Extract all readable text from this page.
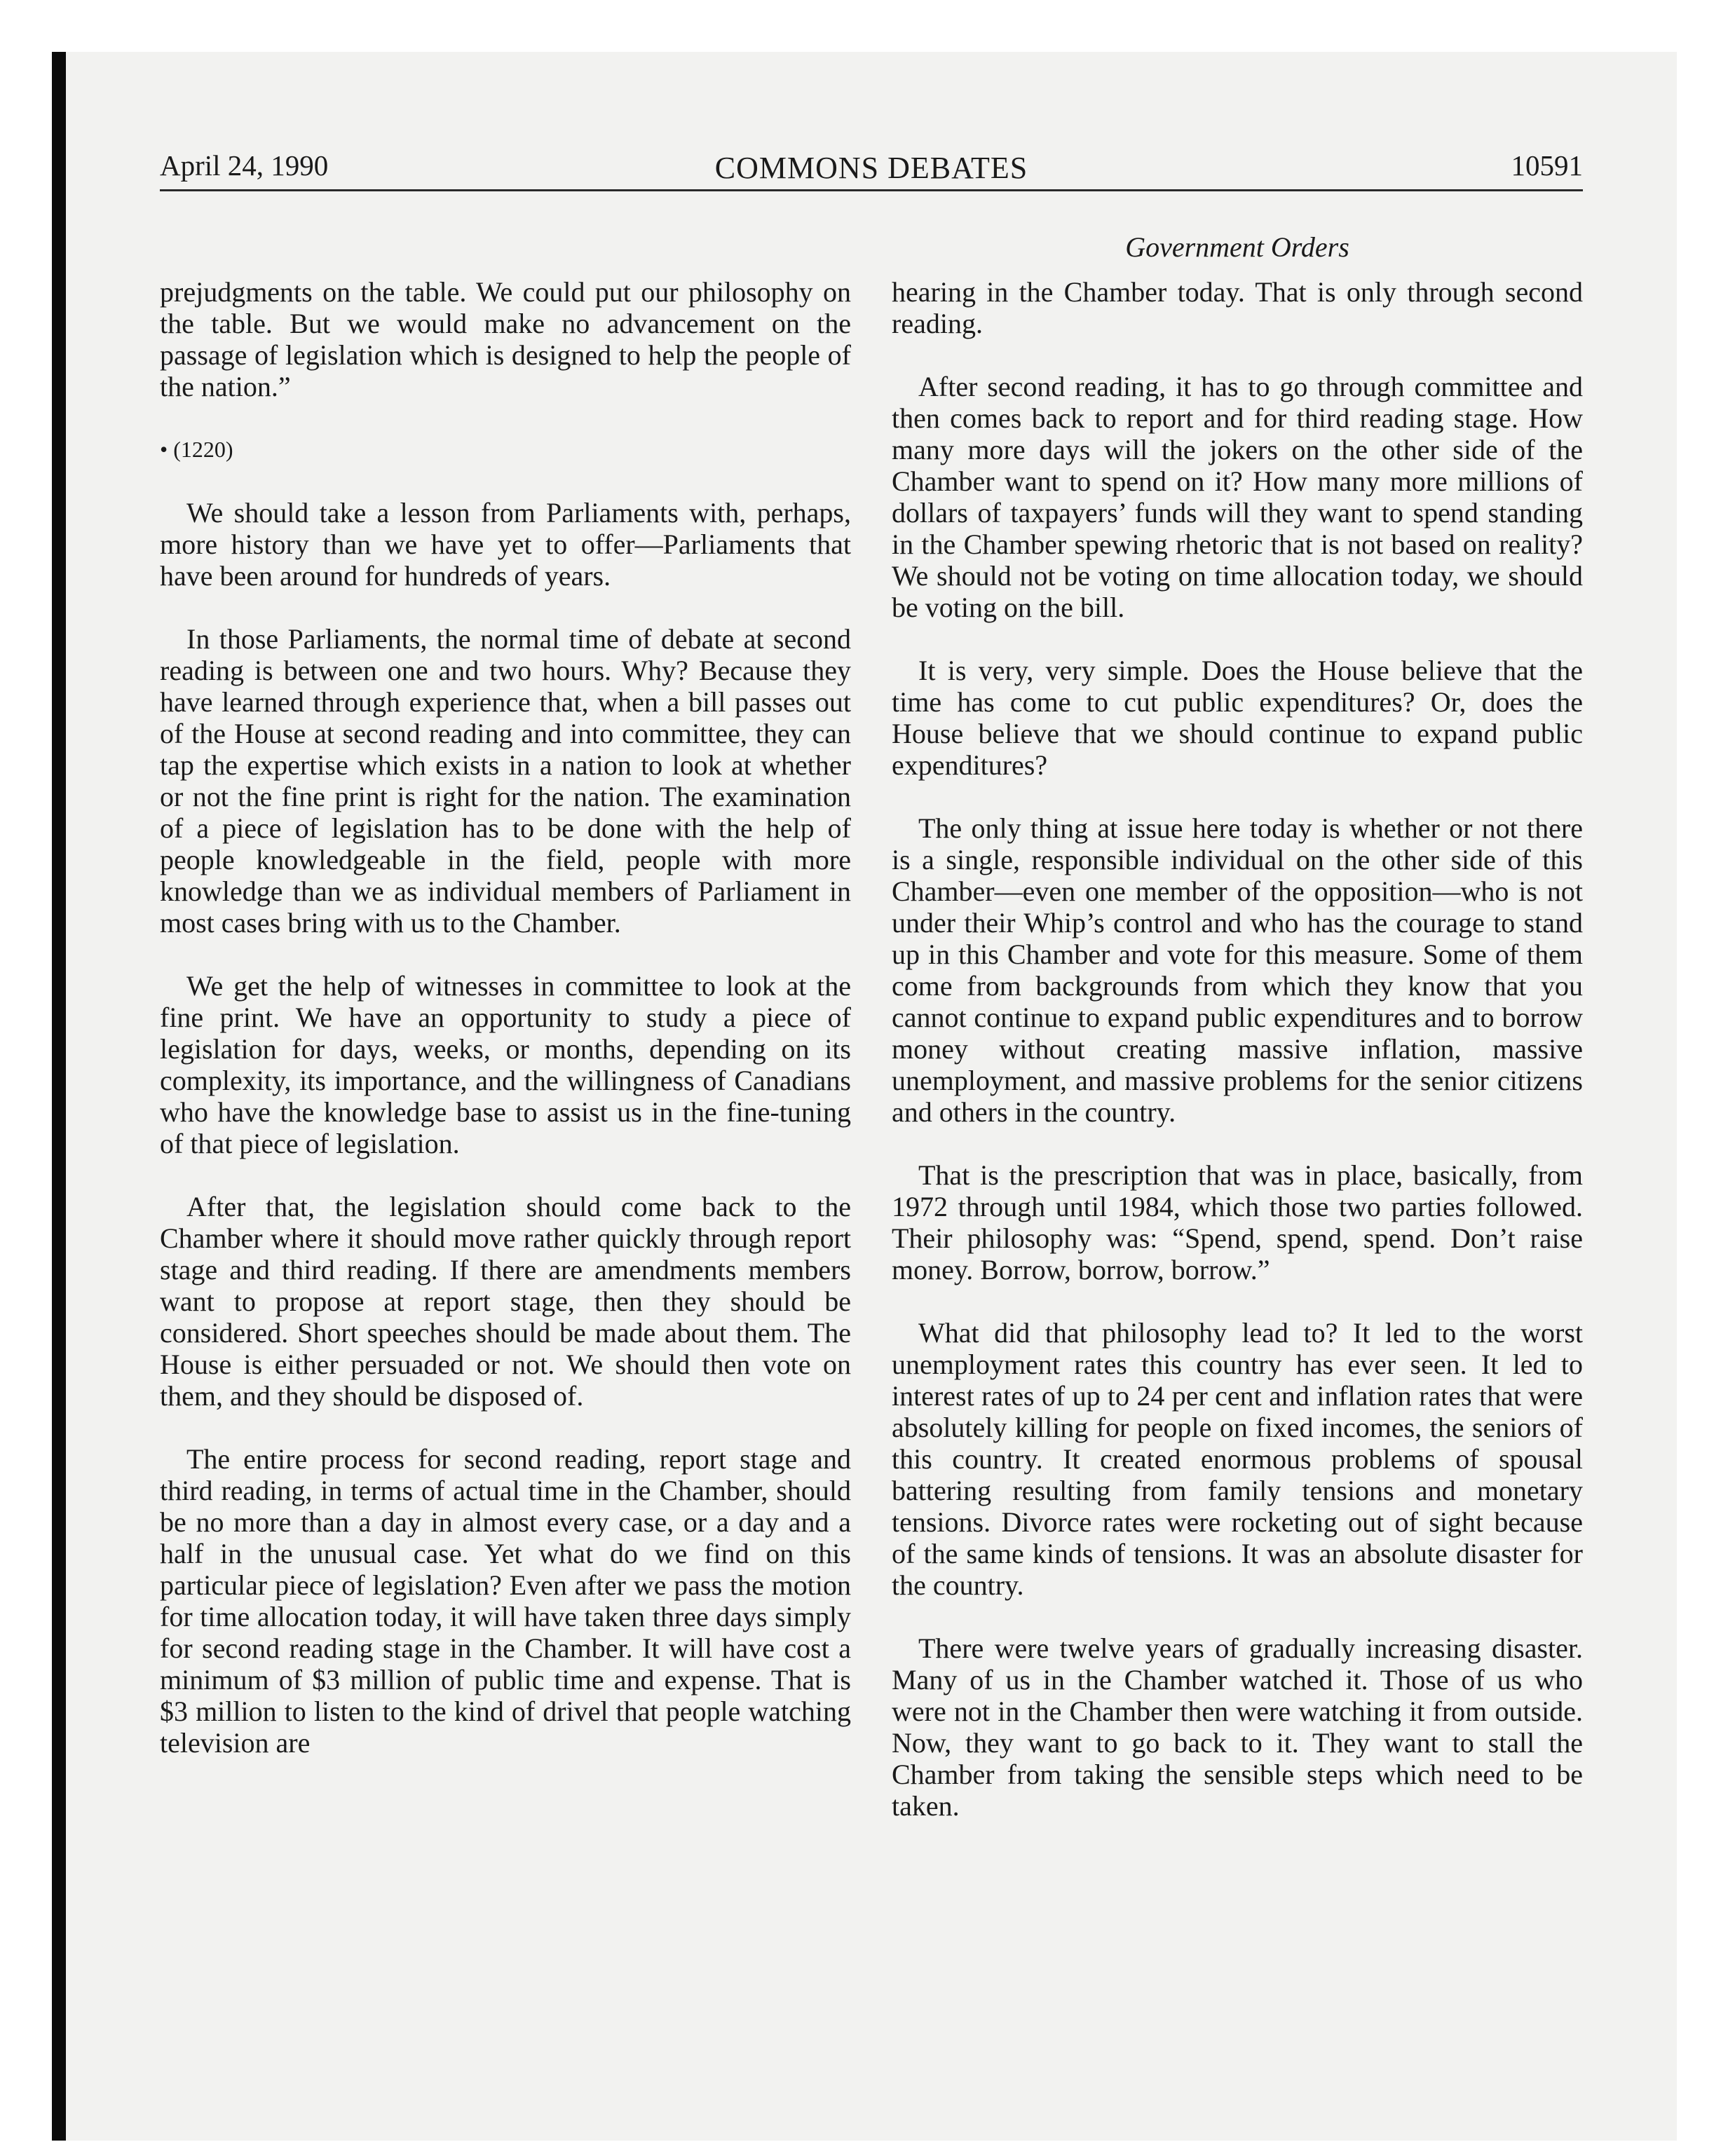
April 24, 1990	COMMONS DEBATES	10591
Government Orders

prejudgments on the table. We could put our philosophy on the table. But we would make no advancement on the passage of legislation which is designed to help the people of the nation.”

• (1220)

We should take a lesson from Parliaments with, perhaps, more history than we have yet to offer—Parliaments that have been around for hundreds of years.

In those Parliaments, the normal time of debate at second reading is between one and two hours. Why? Because they have learned through experience that, when a bill passes out of the House at second reading and into committee, they can tap the expertise which exists in a nation to look at whether or not the fine print is right for the nation. The examination of a piece of legislation has to be done with the help of people knowledgeable in the field, people with more knowledge than we as individual members of Parliament in most cases bring with us to the Chamber.

We get the help of witnesses in committee to look at the fine print. We have an opportunity to study a piece of legislation for days, weeks, or months, depending on its complexity, its importance, and the willingness of Canadians who have the knowledge base to assist us in the fine-tuning of that piece of legislation.

After that, the legislation should come back to the Chamber where it should move rather quickly through report stage and third reading. If there are amendments members want to propose at report stage, then they should be considered. Short speeches should be made about them. The House is either persuaded or not. We should then vote on them, and they should be disposed of.

The entire process for second reading, report stage and third reading, in terms of actual time in the Chamber, should be no more than a day in almost every case, or a day and a half in the unusual case. Yet what do we find on this particular piece of legislation? Even after we pass the motion for time allocation today, it will have taken three days simply for second reading stage in the Chamber. It will have cost a minimum of $3 million of public time and expense. That is $3 million to listen to the kind of drivel that people watching television are

hearing in the Chamber today. That is only through second reading.

After second reading, it has to go through committee and then comes back to report and for third reading stage. How many more days will the jokers on the other side of the Chamber want to spend on it? How many more millions of dollars of taxpayers’ funds will they want to spend standing in the Chamber spewing rhetoric that is not based on reality? We should not be voting on time allocation today, we should be voting on the bill.

It is very, very simple. Does the House believe that the time has come to cut public expenditures? Or, does the House believe that we should continue to expand public expenditures?

The only thing at issue here today is whether or not there is a single, responsible individual on the other side of this Chamber—even one member of the opposition—who is not under their Whip’s control and who has the courage to stand up in this Chamber and vote for this measure. Some of them come from backgrounds from which they know that you cannot continue to expand public expenditures and to borrow money without creating massive inflation, massive unemployment, and massive problems for the senior citizens and others in the country.

That is the prescription that was in place, basically, from 1972 through until 1984, which those two parties followed. Their philosophy was: “Spend, spend, spend. Don’t raise money. Borrow, borrow, borrow.”

What did that philosophy lead to? It led to the worst unemployment rates this country has ever seen. It led to interest rates of up to 24 per cent and inflation rates that were absolutely killing for people on fixed incomes, the seniors of this country. It created enormous problems of spousal battering resulting from family tensions and monetary tensions. Divorce rates were rocketing out of sight because of the same kinds of tensions. It was an absolute disaster for the country.

There were twelve years of gradually increasing disaster. Many of us in the Chamber watched it. Those of us who were not in the Chamber then were watching it from outside. Now, they want to go back to it. They want to stall the Chamber from taking the sensible steps which need to be taken.
